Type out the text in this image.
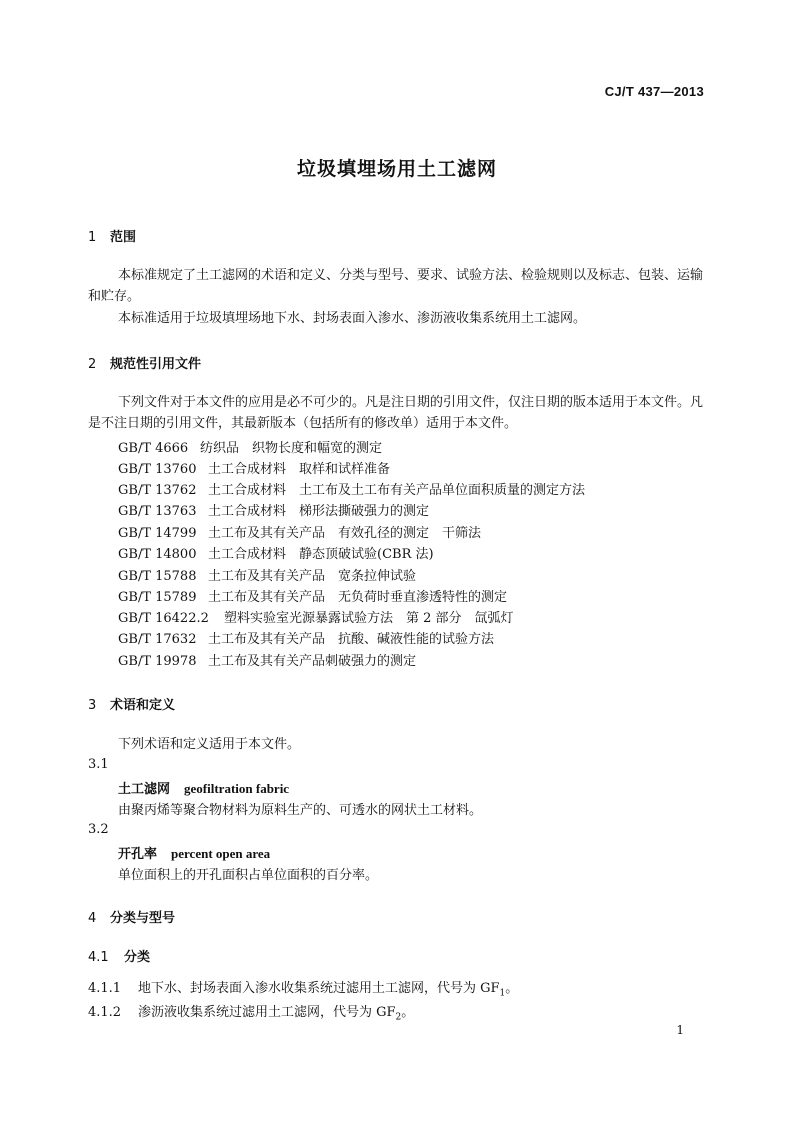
CJ/T 437—2013
垃圾填埋场用土工滤网
1 范围
本标准规定了土工滤网的术语和定义、分类与型号、要求、试验方法、检验规则以及标志、包装、运输和贮存。
本标准适用于垃圾填埋场地下水、封场表面入渗水、渗沥液收集系统用土工滤网。
2 规范性引用文件
下列文件对于本文件的应用是必不可少的。凡是注日期的引用文件，仅注日期的版本适用于本文件。凡是不注日期的引用文件，其最新版本（包括所有的修改单）适用于本文件。
GB/T 4666 纺织品　织物长度和幅宽的测定
GB/T 13760 土工合成材料　取样和试样准备
GB/T 13762 土工合成材料　土工布及土工布有关产品单位面积质量的测定方法
GB/T 13763 土工合成材料　梯形法撕破强力的测定
GB/T 14799 土工布及其有关产品　有效孔径的测定　干筛法
GB/T 14800 土工合成材料　静态顶破试验(CBR 法)
GB/T 15788 土工布及其有关产品　宽条拉伸试验
GB/T 15789 土工布及其有关产品　无负荷时垂直渗透特性的测定
GB/T 16422.2 塑料实验室光源暴露试验方法　第 2 部分　氙弧灯
GB/T 17632 土工布及其有关产品　抗酸、碱液性能的试验方法
GB/T 19978 土工布及其有关产品刺破强力的测定
3 术语和定义
下列术语和定义适用于本文件。
3.1
土工滤网 geofiltration fabric
由聚丙烯等聚合物材料为原料生产的、可透水的网状土工材料。
3.2
开孔率 percent open area
单位面积上的开孔面积占单位面积的百分率。
4 分类与型号
4.1 分类
4.1.1 地下水、封场表面入渗水收集系统过滤用土工滤网，代号为 $GF_1$。
4.1.2 渗沥液收集系统过滤用土工滤网，代号为 $GF_2$。
1
